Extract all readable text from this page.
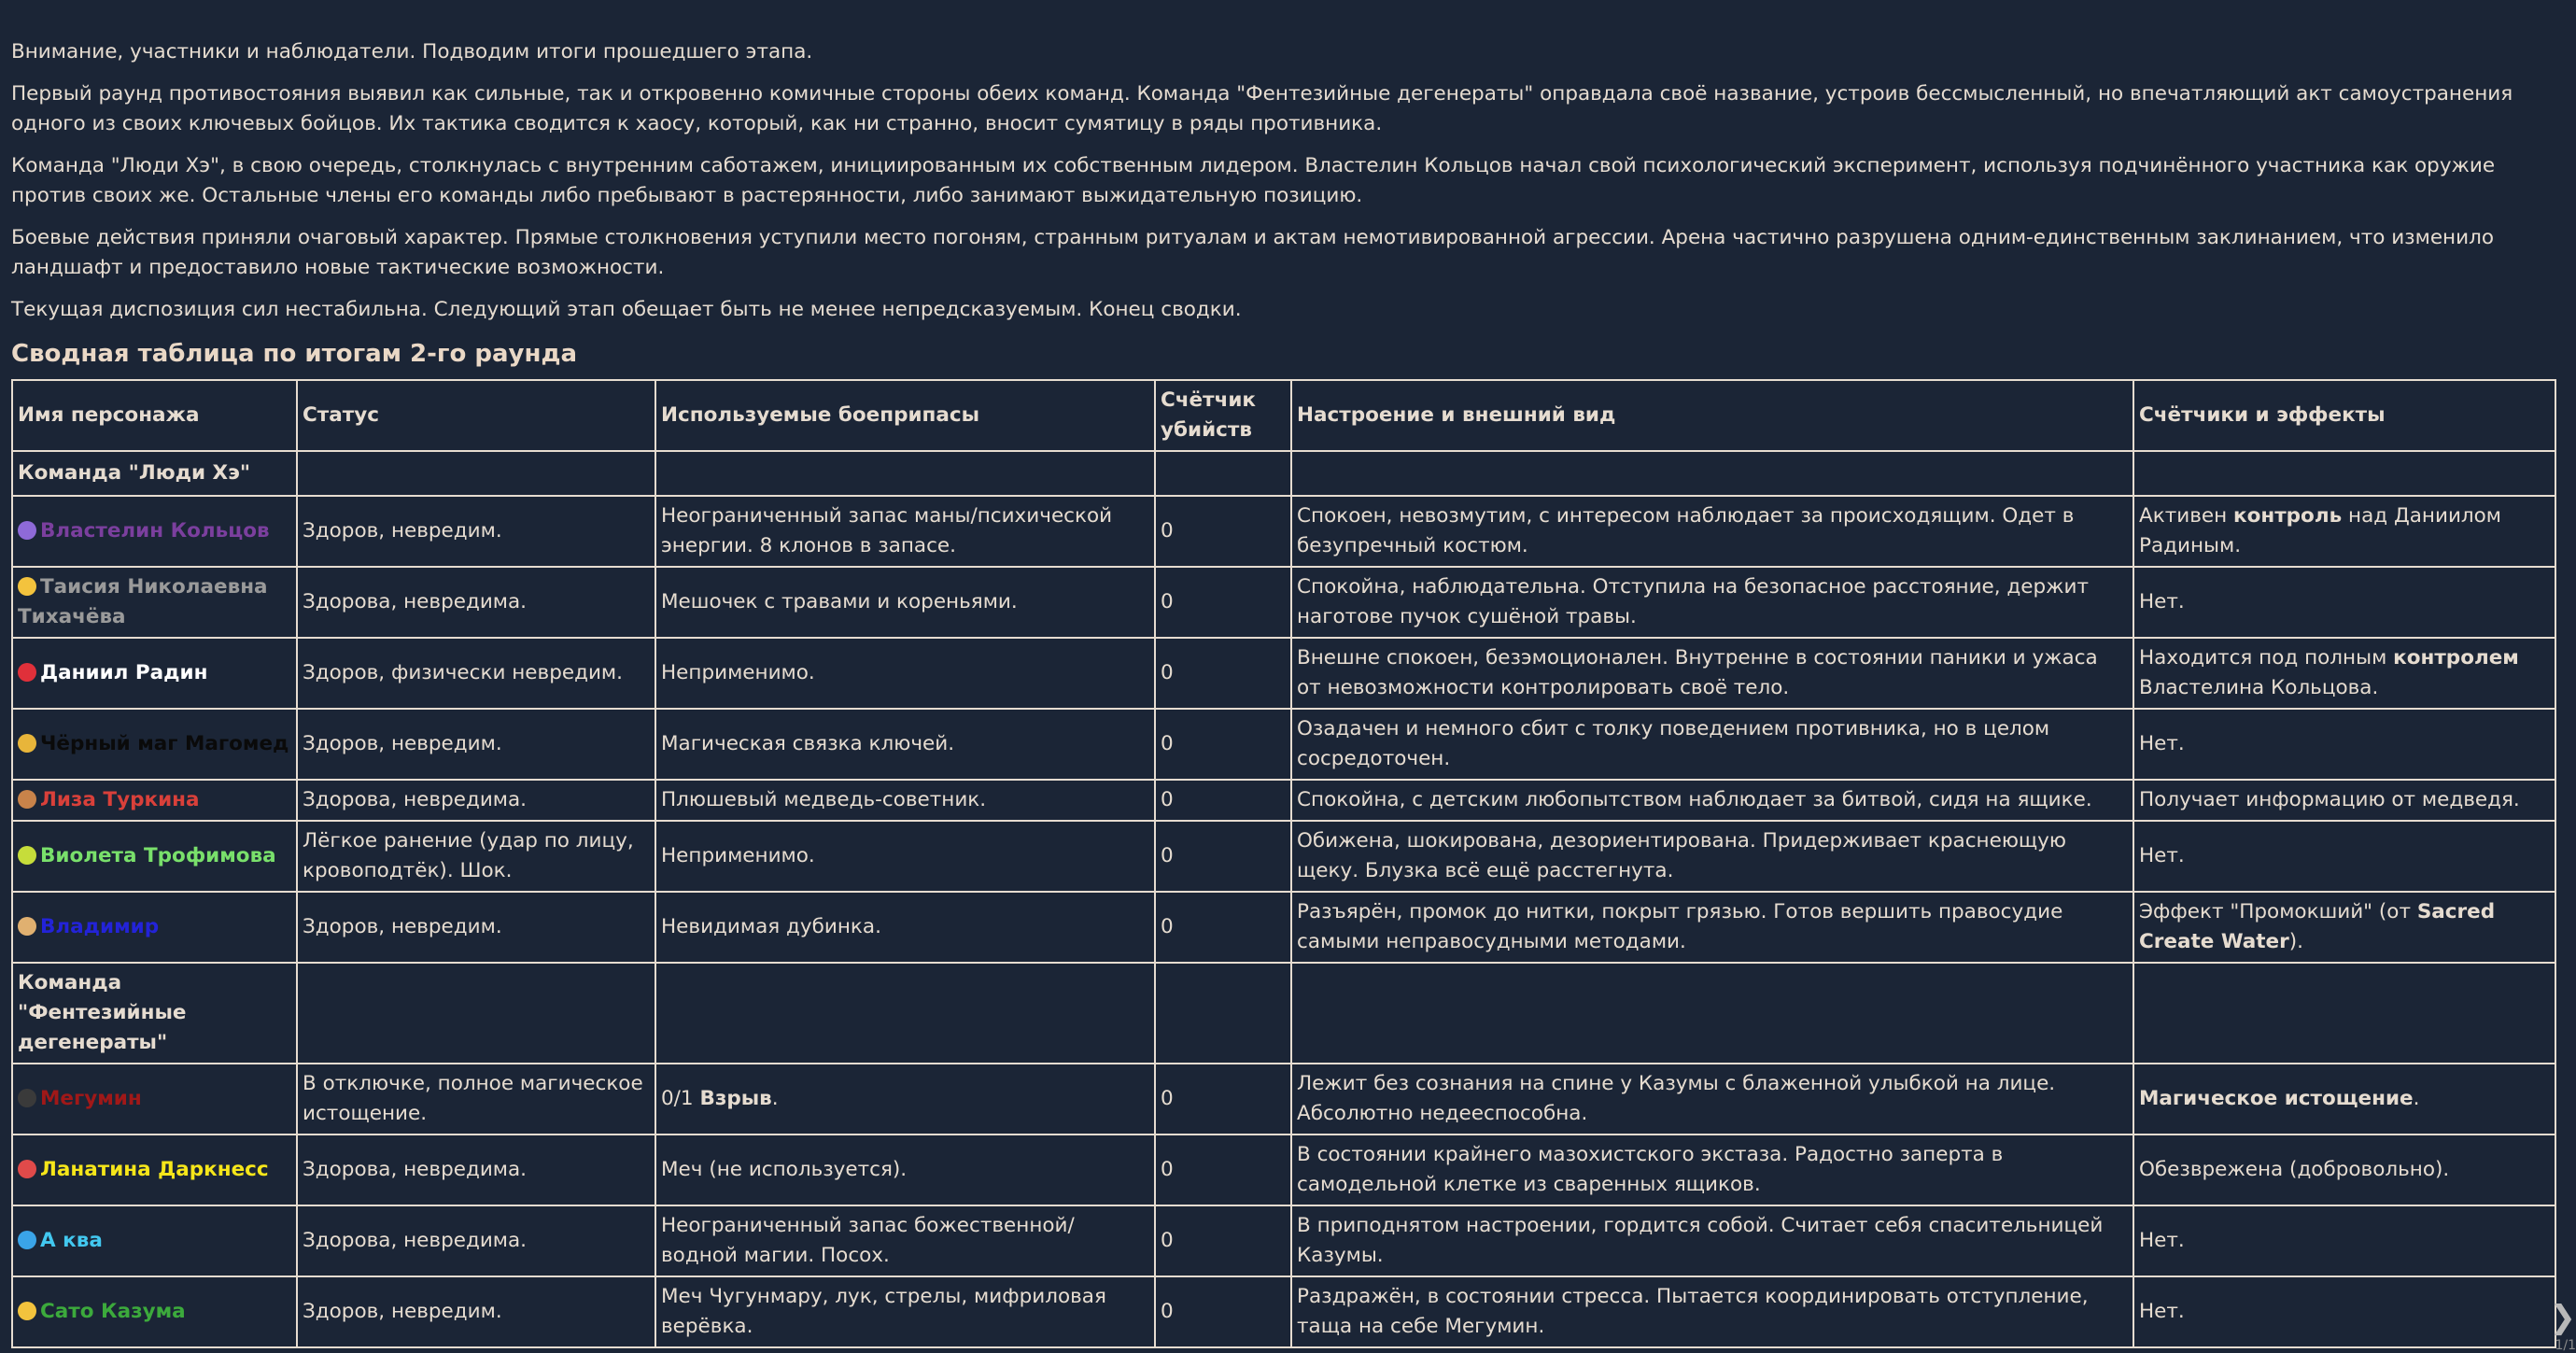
Внимание, участники и наблюдатели. Подводим итоги прошедшего этапа.

Первый раунд противостояния выявил как сильные, так и откровенно комичные стороны обеих команд. Команда "Фентезийные дегенераты" оправдала своё название, устроив бессмысленный, но впечатляющий акт самоустранения одного из своих ключевых бойцов. Их тактика сводится к хаосу, который, как ни странно, вносит сумятицу в ряды противника.

Команда "Люди Хэ", в свою очередь, столкнулась с внутренним саботажем, инициированным их собственным лидером. Властелин Кольцов начал свой психологический эксперимент, используя подчинённого участника как оружие против своих же. Остальные члены его команды либо пребывают в растерянности, либо занимают выжидательную позицию.

Боевые действия приняли очаговый характер. Прямые столкновения уступили место погоням, странным ритуалам и актам немотивированной агрессии. Арена частично разрушена одним-единственным заклинанием, что изменило ландшафт и предоставило новые тактические возможности.

Текущая диспозиция сил нестабильна. Следующий этап обещает быть не менее непредсказуемым. Конец сводки.

Сводная таблица по итогам 2-го раунда
Имя персонажа	Статус	Используемые боеприпасы	Счётчик убийств	Настроение и внешний вид	Счётчики и эффекты
Команда "Люди Хэ"					
Властелин Кольцов	Здоров, невредим.	Неограниченный запас маны/психической энергии. 8 клонов в запасе.	0	Спокоен, невозмутим, с интересом наблюдает за происходящим. Одет в безупречный костюм.	Активен контроль над Даниилом Радиным.
Таисия Николаевна Тихачёва	Здорова, невредима.	Мешочек с травами и кореньями.	0	Спокойна, наблюдательна. Отступила на безопасное расстояние, держит наготове пучок сушёной травы.	Нет.
Даниил Радин	Здоров, физически невредим.	Неприменимо.	0	Внешне спокоен, безэмоционален. Внутренне в состоянии паники и ужаса от невозможности контролировать своё тело.	Находится под полным контролем Властелина Кольцова.
Чёрный маг Магомед	Здоров, невредим.	Магическая связка ключей.	0	Озадачен и немного сбит с толку поведением противника, но в целом сосредоточен.	Нет.
Лиза Туркина	Здорова, невредима.	Плюшевый медведь-советник.	0	Спокойна, с детским любопытством наблюдает за битвой, сидя на ящике.	Получает информацию от медведя.
Виолета Трофимова	Лёгкое ранение (удар по лицу, кровоподтёк). Шок.	Неприменимо.	0	Обижена, шокирована, дезориентирована. Придерживает краснеющую щеку. Блузка всё ещё расстегнута.	Нет.
Владимир	Здоров, невредим.	Невидимая дубинка.	0	Разъярён, промок до нитки, покрыт грязью. Готов вершить правосудие самыми неправосудными методами.	Эффект "Промокший" (от Sacred Create Water).
Команда "Фентезийные дегенераты"					
Мегумин	В отключке, полное магическое истощение.	0/1 Взрыв.	0	Лежит без сознания на спине у Казумы с блаженной улыбкой на лице. Абсолютно недееспособна.	Магическое истощение.
Ланатина Даркнесс	Здорова, невредима.	Меч (не используется).	0	В состоянии крайнего мазохистского экстаза. Радостно заперта в самодельной клетке из сваренных ящиков.	Обезврежена (добровольно).
А ква	Здорова, невредима.	Неограниченный запас божественной/водной магии. Посох.	0	В приподнятом настроении, гордится собой. Считает себя спасительницей Казумы.	Нет.
Сато Казума	Здоров, невредим.	Меч Чугунмару, лук, стрелы, мифриловая верёвка.	0	Раздражён, в состоянии стресса. Пытается координировать отступление, таща на себе Мегумин.	Нет.	❯
1/1
